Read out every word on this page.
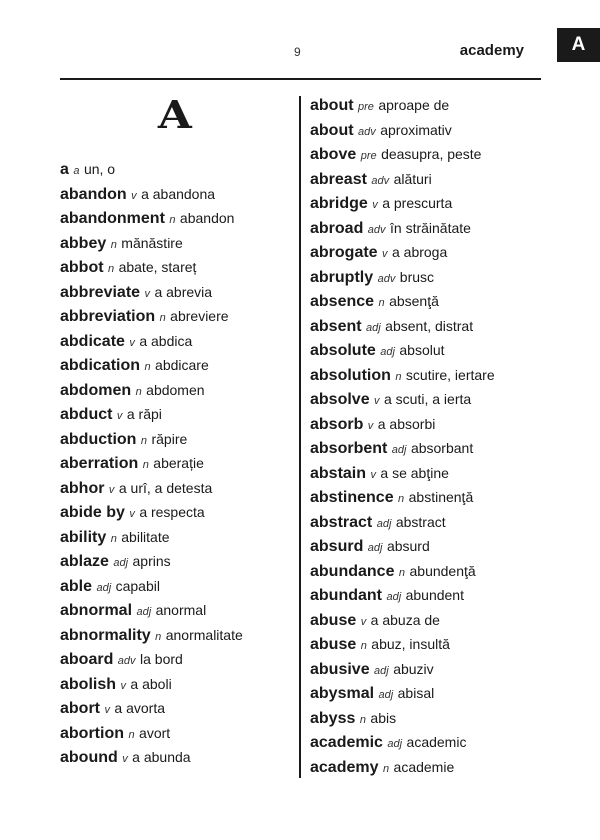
9	academy	A
A
a a un, o
abandon v a abandona
abandonment n abandon
abbey n mănăstire
abbot n abate, stareț
abbreviate v a abrevia
abbreviation n abreviere
abdicate v a abdica
abdication n abdicare
abdomen n abdomen
abduct v a răpi
abduction n răpire
aberration n aberație
abhor v a urî, a detesta
abide by v a respecta
ability n abilitate
ablaze adj aprins
able adj capabil
abnormal adj anormal
abnormality n anormalitate
aboard adv la bord
abolish v a aboli
abort v a avorta
abortion n avort
abound v a abunda
about pre aproape de
about adv aproximativ
above pre deasupra, peste
abreast adv alături
abridge v a prescurta
abroad adv în străinătate
abrogate v a abroga
abruptly adv brusc
absence n absenţă
absent adj absent, distrat
absolute adj absolut
absolution n scutire, iertare
absolve v a scuti, a ierta
absorb v a absorbi
absorbent adj absorbant
abstain v a se abţine
abstinence n abstinenţă
abstract adj abstract
absurd adj absurd
abundance n abundenţă
abundant adj abundent
abuse v a abuza de
abuse n abuz, insultă
abusive adj abuziv
abysmal adj abisal
abyss n abis
academic adj academic
academy n academie
